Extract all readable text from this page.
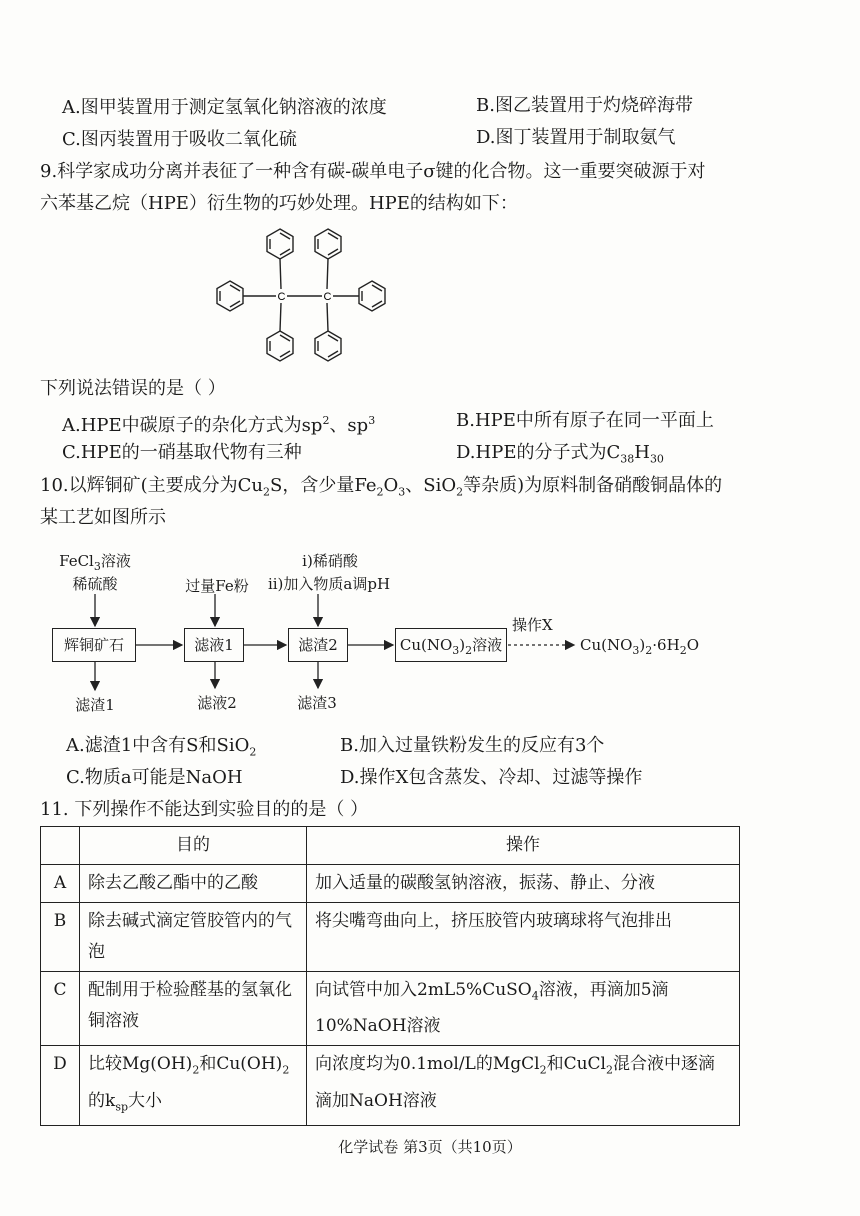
A.图甲装置用于测定氢氧化钠溶液的浓度	B.图乙装置用于灼烧碎海带
C.图丙装置用于吸收二氧化硫	D.图丁装置用于制取氨气
9.科学家成功分离并表征了一种含有碳-碳单电子σ键的化合物。这一重要突破源于对
六苯基乙烷（HPE）衍生物的巧妙处理。HPE的结构如下：
C	C
下列说法错误的是（ ）
A.HPE中碳原子的杂化方式为$sp^2$、$sp^3$	B.HPE中所有原子在同一平面上
C.HPE的一硝基取代物有三种	D.HPE的分子式为$C_{38}H_{30}$
10.以辉铜矿(主要成分为$Cu_2S$，含少量$Fe_2O_3$、SiO$_2$等杂质)为原料制备硝酸铜晶体的
某工艺如图所示
FeCl$_3$溶液
稀硫酸	过量Fe粉
i)稀硝酸
ii)加入物质a调pH
辉铜矿石	滤液1	滤渣2	$Cu(NO_3)_2$溶液
操作X
$Cu(NO_3)_2\cdot 6H_2O$
滤渣1	滤液2	滤渣3
A.滤渣1中含有S和SiO$_2$	B.加入过量铁粉发生的反应有3个
C.物质a可能是NaOH	D.操作X包含蒸发、冷却、过滤等操作
11. 下列操作不能达到实验目的的是（ ）
	目的	操作
A	除去乙酸乙酯中的乙酸	加入适量的碳酸氢钠溶液，振荡、静止、分液
B	除去碱式滴定管胶管内的气泡	将尖嘴弯曲向上，挤压胶管内玻璃球将气泡排出
C	配制用于检验醛基的氢氧化铜溶液	向试管中加入2mL5%CuSO$_4$溶液，再滴加5滴10%NaOH溶液
D	比较$Mg(OH)_2$和$Cu(OH)_2$的$k_{sp}$大小	向浓度均为0.1mol/L的MgCl$_2$和CuCl$_2$混合液中逐滴滴加NaOH溶液
化学试卷 第3页（共10页）
